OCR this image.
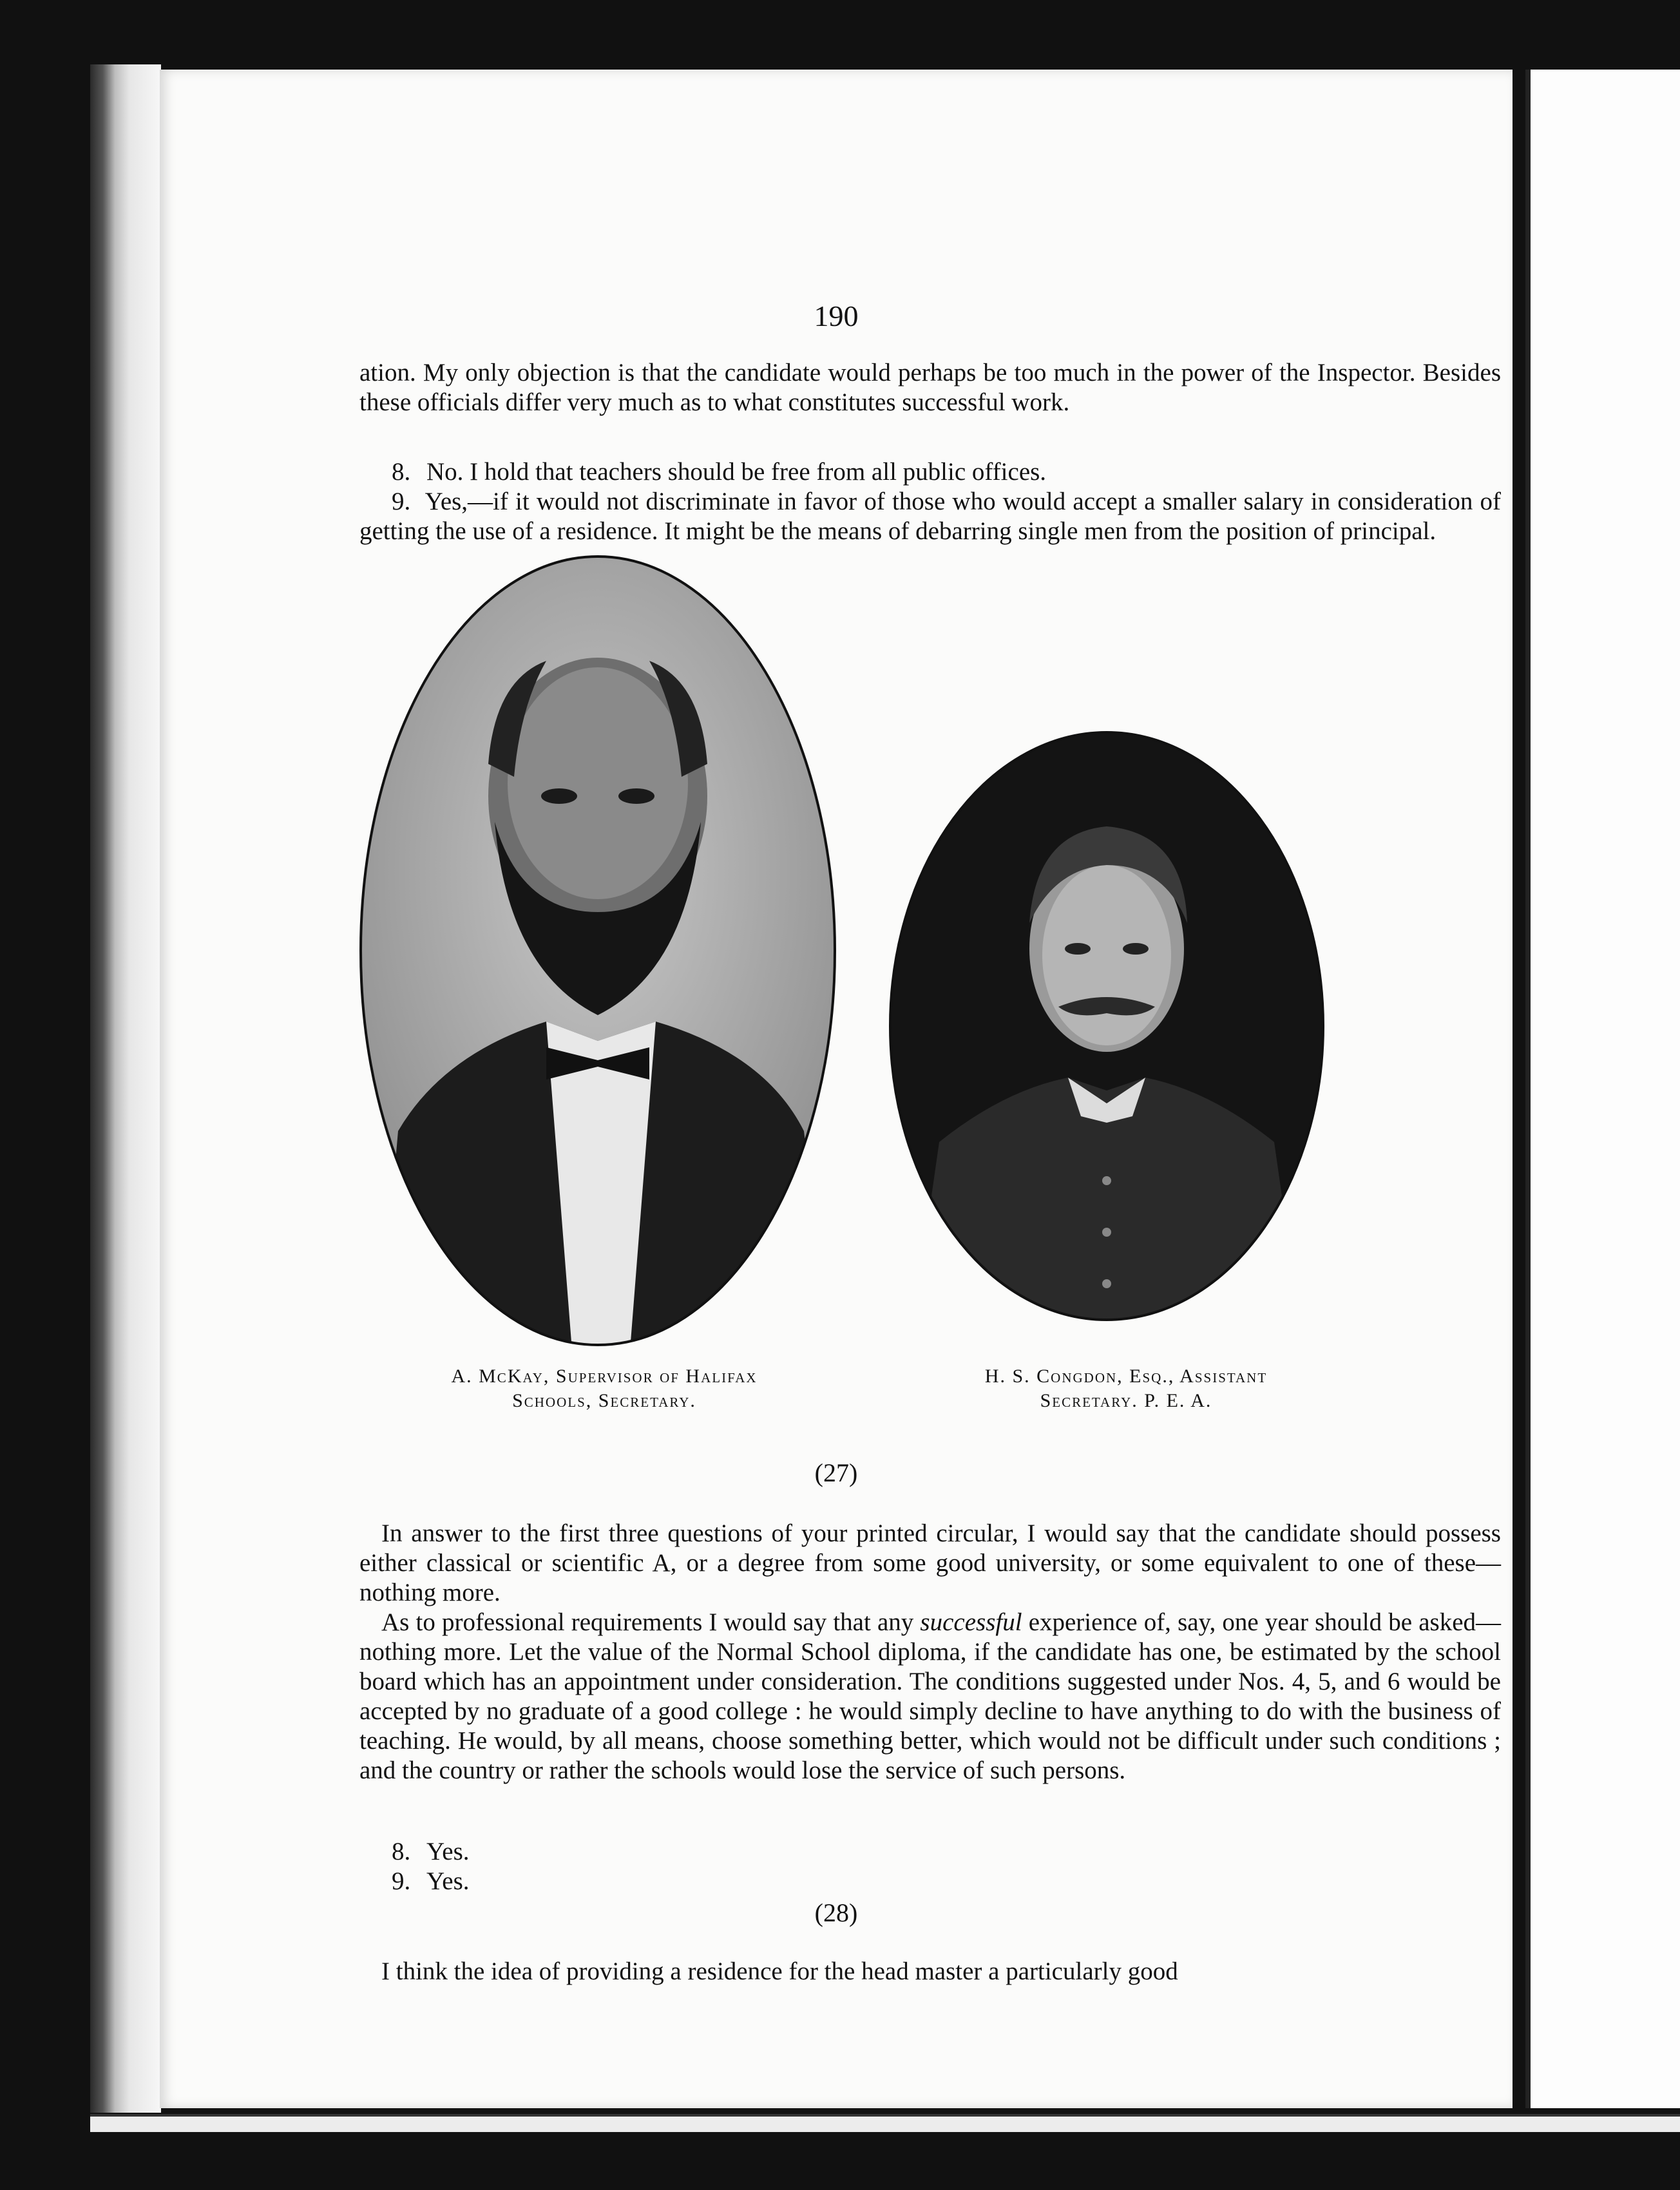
190

ation. My only objection is that the candidate would perhaps be too much in the power of the Inspector. Besides these officials differ very much as to what constitutes successful work.

8. No. I hold that teachers should be free from all public offices.

9. Yes,—if it would not discriminate in favor of those who would accept a smaller salary in consideration of getting the use of a residence. It might be the means of debarring single men from the position of principal.

A. McKay, Supervisor of Halifax
Schools, Secretary.
H. S. Congdon, Esq., Assistant
Secretary. P. E. A.
(27)

In answer to the first three questions of your printed circular, I would say that the candidate should possess either classical or scientific A, or a degree from some good university, or some equivalent to one of these—nothing more.

As to professional requirements I would say that any successful experience of, say, one year should be asked—nothing more. Let the value of the Normal School diploma, if the candidate has one, be estimated by the school board which has an appointment under consideration. The conditions suggested under Nos. 4, 5, and 6 would be accepted by no graduate of a good college : he would simply decline to have anything to do with the business of teaching. He would, by all means, choose something better, which would not be difficult under such conditions ; and the country or rather the schools would lose the service of such persons.

8. Yes.
9. Yes.
(28)

I think the idea of providing a residence for the head master a particularly good
